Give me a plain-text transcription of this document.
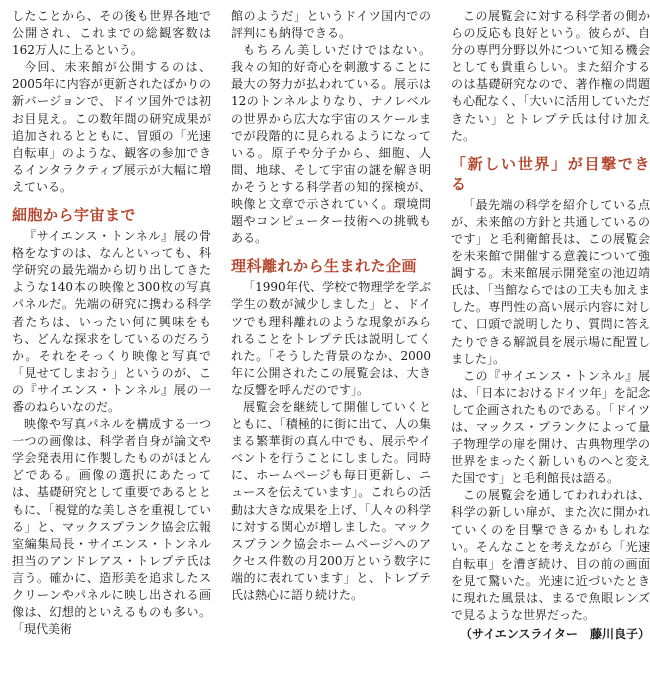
したことから、その後も世界各地で公開され、これまでの総観客数は162万人に上るという。

今回、未来館が公開するのは、2005年に内容が更新されたばかりの新バージョンで、ドイツ国外では初お目見え。この数年間の研究成果が追加されるとともに、冒頭の「光速自転車」のような、観客の参加できるインタラクティブ展示が大幅に増えている。

細胞から宇宙まで

『サイエンス・トンネル』展の骨格をなすのは、なんといっても、科学研究の最先端から切り出してきたような140本の映像と300枚の写真パネルだ。先端の研究に携わる科学者たちは、いったい何に興味をもち、どんな探求をしているのだろうか。それをそっくり映像と写真で「見せてしまおう」というのが、この『サイエンス・トンネル』展の一番のねらいなのだ。

映像や写真パネルを構成する一つ一つの画像は、科学者自身が論文や学会発表用に作製したものがほとんどである。画像の選択にあたっては、基礎研究として重要であるとともに、「視覚的な美しさを重視している」と、マックスプランク協会広報室編集局長・サイエンス・トンネル担当のアンドレアス・トレプテ氏は言う。確かに、造形美を追求したスクリーンやパネルに映し出される画像は、幻想的といえるものも多い。「現代美術

館のようだ」というドイツ国内での評判にも納得できる。

もちろん美しいだけではない。我々の知的好奇心を刺激することに最大の努力が払われている。展示は12のトンネルよりなり、ナノレベルの世界から広大な宇宙のスケールまでが段階的に見られるようになっている。原子や分子から、細胞、人間、地球、そして宇宙の謎を解き明かそうとする科学者の知的探検が、映像と文章で示されていく。環境問題やコンピューター技術への挑戦もある。

理科離れから生まれた企画

「1990年代、学校で物理学を学ぶ学生の数が減少しました」と、ドイツでも理科離れのような現象がみられることをトレプテ氏は説明してくれた。「そうした背景のなか、2000年に公開されたこの展覧会は、大きな反響を呼んだのです」。

展覧会を継続して開催していくとともに、「積極的に街に出て、人の集まる繁華街の真ん中でも、展示やイベントを行うことにしました。同時に、ホームページも毎日更新し、ニュースを伝えています」。これらの活動は大きな成果を上げ、「人々の科学に対する関心が増しました。マックスプランク協会ホームページへのアクセス件数の月200万という数字に端的に表れています」と、トレプテ氏は熱心に語り続けた。

この展覧会に対する科学者の側からの反応も良好という。彼らが、自分の専門分野以外について知る機会としても貴重らしい。また紹介するのは基礎研究なので、著作権の問題も心配なく、「大いに活用していただきたい」とトレプテ氏は付け加えた。

「新しい世界」が目撃できる

「最先端の科学を紹介している点が、未来館の方針と共通しているのです」と毛利衛館長は、この展覧会を未来館で開催する意義について強調する。未来館展示開発室の池辺靖氏は、「当館ならではの工夫も加えました。専門性の高い展示内容に対して、口頭で説明したり、質問に答えたりできる解説員を展示場に配置しました」。

この『サイエンス・トンネル』展は、「日本におけるドイツ年」を記念して企画されたものである。「ドイツは、マックス・プランクによって量子物理学の扉を開け、古典物理学の世界をまったく新しいものへと変えた国です」と毛利館長は語る。

この展覧会を通してわれわれは、科学の新しい扉が、また次に開かれていくのを目撃できるかもしれない。そんなことを考えながら「光速自転車」を漕ぎ続け、目の前の画面を見て驚いた。光速に近づいたときに現れた風景は、まるで魚眼レンズで見るような世界だった。

（サイエンスライター　藤川良子）
